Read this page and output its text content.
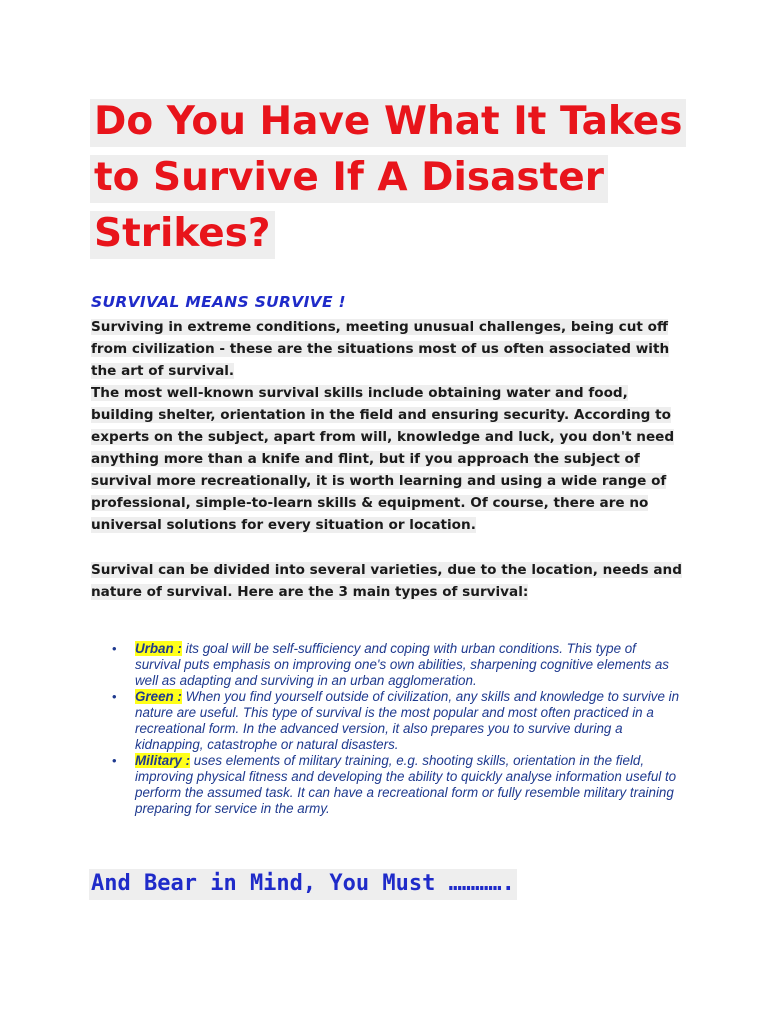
Do You Have What It Takes to Survive If A Disaster Strikes?
SURVIVAL MEANS SURVIVE !

Surviving in extreme conditions, meeting unusual challenges, being cut off from civilization - these are the situations most of us often associated with the art of survival.

The most well-known survival skills include obtaining water and food, building shelter, orientation in the field and ensuring security. According to experts on the subject, apart from will, knowledge and luck, you don't need anything more than a knife and flint, but if you approach the subject of survival more recreationally, it is worth learning and using a wide range of professional, simple-to-learn skills & equipment. Of course, there are no universal solutions for every situation or location.

Survival can be divided into several varieties, due to the location, needs and nature of survival. Here are the 3 main types of survival:

• Urban : its goal will be self-sufficiency and coping with urban conditions. This type of survival puts emphasis on improving one's own abilities, sharpening cognitive elements as well as adapting and surviving in an urban agglomeration.
• Green : When you find yourself outside of civilization, any skills and knowledge to survive in nature are useful. This type of survival is the most popular and most often practiced in a recreational form. In the advanced version, it also prepares you to survive during a kidnapping, catastrophe or natural disasters.
• Military : uses elements of military training, e.g. shooting skills, orientation in the field, improving physical fitness and developing the ability to quickly analyse information useful to perform the assumed task. It can have a recreational form or fully resemble military training preparing for service in the army.
And Bear in Mind, You Must ………….
